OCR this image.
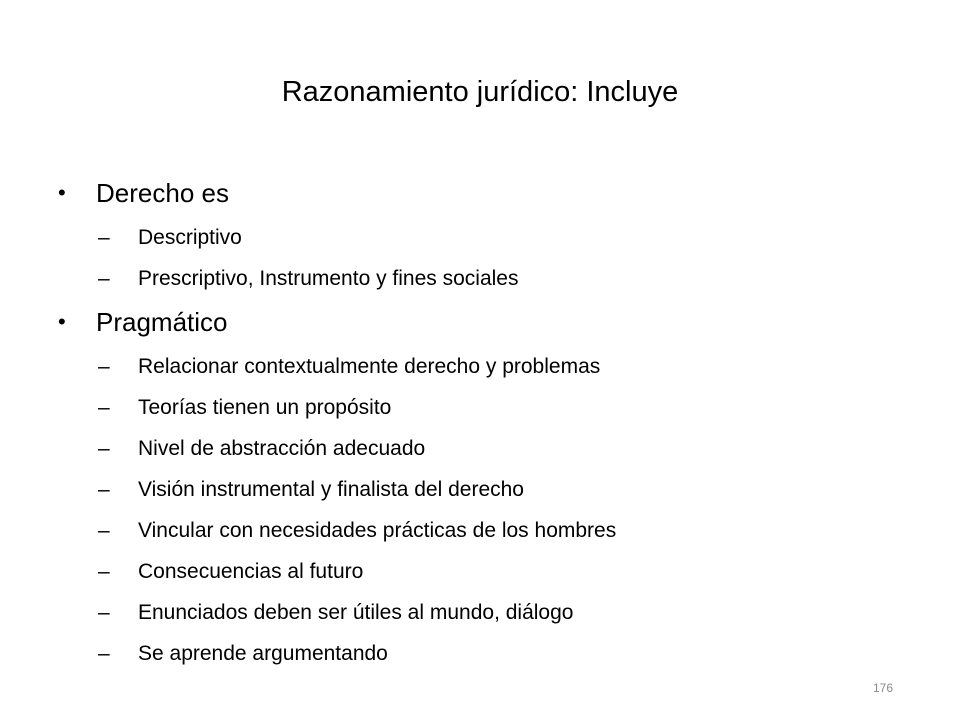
Razonamiento jurídico: Incluye
• Derecho es
– Descriptivo
– Prescriptivo, Instrumento y fines sociales
• Pragmático
– Relacionar contextualmente derecho y problemas
– Teorías tienen un propósito
– Nivel de abstracción adecuado
– Visión instrumental y finalista del derecho
– Vincular con necesidades prácticas de los hombres
– Consecuencias al futuro
– Enunciados deben ser útiles al mundo, diálogo
– Se aprende argumentando
176
